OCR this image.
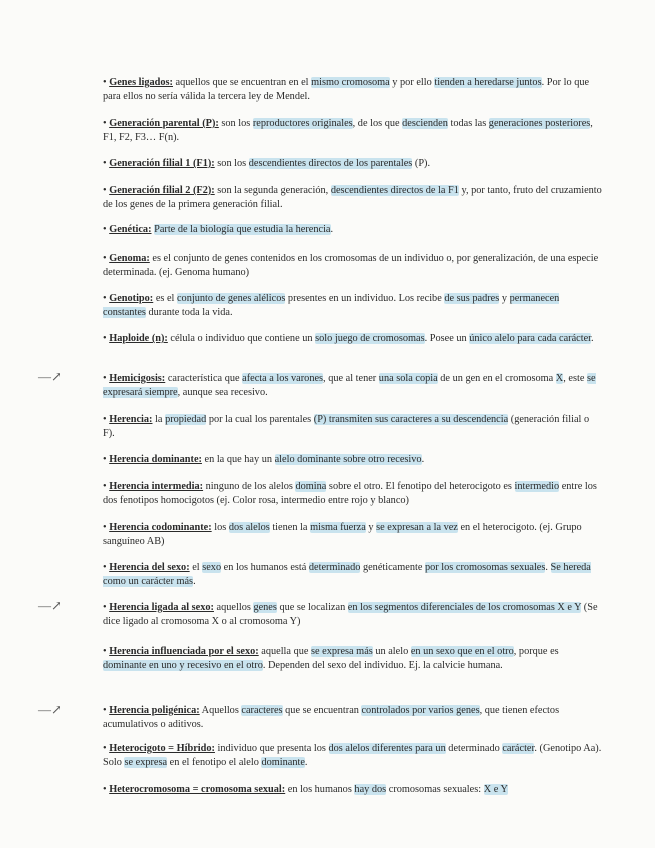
• Genes ligados: aquellos que se encuentran en el mismo cromosoma y por ello tienden a heredarse juntos. Por lo que para ellos no sería válida la tercera ley de Mendel.
• Generación parental (P): son los reproductores originales, de los que descienden todas las generaciones posteriores, F1, F2, F3… F(n).
• Generación filial 1 (F1): son los descendientes directos de los parentales (P).
• Generación filial 2 (F2): son la segunda generación, descendientes directos de la F1 y, por tanto, fruto del cruzamiento de los genes de la primera generación filial.
• Genética: Parte de la biología que estudia la herencia.
• Genoma: es el conjunto de genes contenidos en los cromosomas de un individuo o, por generalización, de una especie determinada. (ej. Genoma humano)
• Genotipo: es el conjunto de genes alélicos presentes en un individuo. Los recibe de sus padres y permanecen constantes durante toda la vida.
• Haploide (n): célula o individuo que contiene un solo juego de cromosomas. Posee un único alelo para cada carácter.
—↗	• Hemicigosis: característica que afecta a los varones, que al tener una sola copia de un gen en el cromosoma X, este se expresará siempre, aunque sea recesivo.
• Herencia: la propiedad por la cual los parentales (P) transmiten sus caracteres a su descendencia (generación filial o F).
• Herencia dominante: en la que hay un alelo dominante sobre otro recesivo.
• Herencia intermedia: ninguno de los alelos domina sobre el otro. El fenotipo del heterocigoto es intermedio entre los dos fenotipos homocigotos (ej. Color rosa, intermedio entre rojo y blanco)
• Herencia codominante: los dos alelos tienen la misma fuerza y se expresan a la vez en el heterocigoto. (ej. Grupo sanguíneo AB)
• Herencia del sexo: el sexo en los humanos está determinado genéticamente por los cromosomas sexuales. Se hereda como un carácter más.
—↗	• Herencia ligada al sexo: aquellos genes que se localizan en los segmentos diferenciales de los cromosomas X e Y (Se dice ligado al cromosoma X o al cromosoma Y)
• Herencia influenciada por el sexo: aquella que se expresa más un alelo en un sexo que en el otro, porque es dominante en uno y recesivo en el otro. Dependen del sexo del individuo. Ej. la calvicie humana.
—↗	• Herencia poligénica: Aquellos caracteres que se encuentran controlados por varios genes, que tienen efectos acumulativos o aditivos.
• Heterocigoto = Híbrido: individuo que presenta los dos alelos diferentes para un determinado carácter. (Genotipo Aa). Solo se expresa en el fenotipo el alelo dominante.
• Heterocromosoma = cromosoma sexual: en los humanos hay dos cromosomas sexuales: X e Y
